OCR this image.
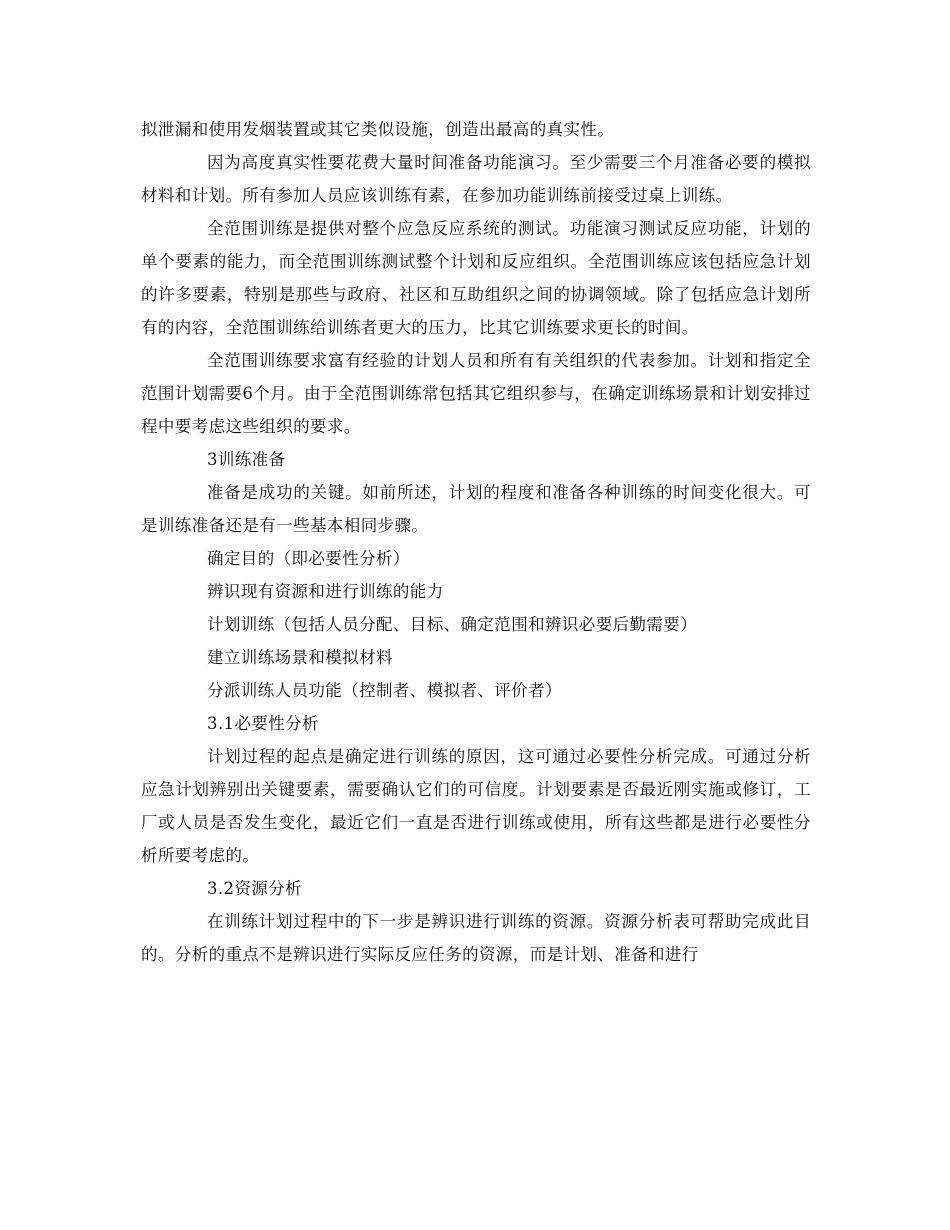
拟泄漏和使用发烟装置或其它类似设施，创造出最高的真实性。

因为高度真实性要花费大量时间准备功能演习。至少需要三个月准备必要的模拟材料和计划。所有参加人员应该训练有素，在参加功能训练前接受过桌上训练。

全范围训练是提供对整个应急反应系统的测试。功能演习测试反应功能，计划的单个要素的能力，而全范围训练测试整个计划和反应组织。全范围训练应该包括应急计划的许多要素，特别是那些与政府、社区和互助组织之间的协调领域。除了包括应急计划所有的内容，全范围训练给训练者更大的压力，比其它训练要求更长的时间。

全范围训练要求富有经验的计划人员和所有有关组织的代表参加。计划和指定全范围计划需要6个月。由于全范围训练常包括其它组织参与，在确定训练场景和计划安排过程中要考虑这些组织的要求。

3训练准备

准备是成功的关键。如前所述，计划的程度和准备各种训练的时间变化很大。可是训练准备还是有一些基本相同步骤。

确定目的（即必要性分析）

辨识现有资源和进行训练的能力

计划训练（包括人员分配、目标、确定范围和辨识必要后勤需要）

建立训练场景和模拟材料

分派训练人员功能（控制者、模拟者、评价者）

3.1必要性分析

计划过程的起点是确定进行训练的原因，这可通过必要性分析完成。可通过分析应急计划辨别出关键要素，需要确认它们的可信度。计划要素是否最近刚实施或修订，工厂或人员是否发生变化，最近它们一直是否进行训练或使用，所有这些都是进行必要性分析所要考虑的。

3.2资源分析

在训练计划过程中的下一步是辨识进行训练的资源。资源分析表可帮助完成此目的。分析的重点不是辨识进行实际反应任务的资源，而是计划、准备和进行
